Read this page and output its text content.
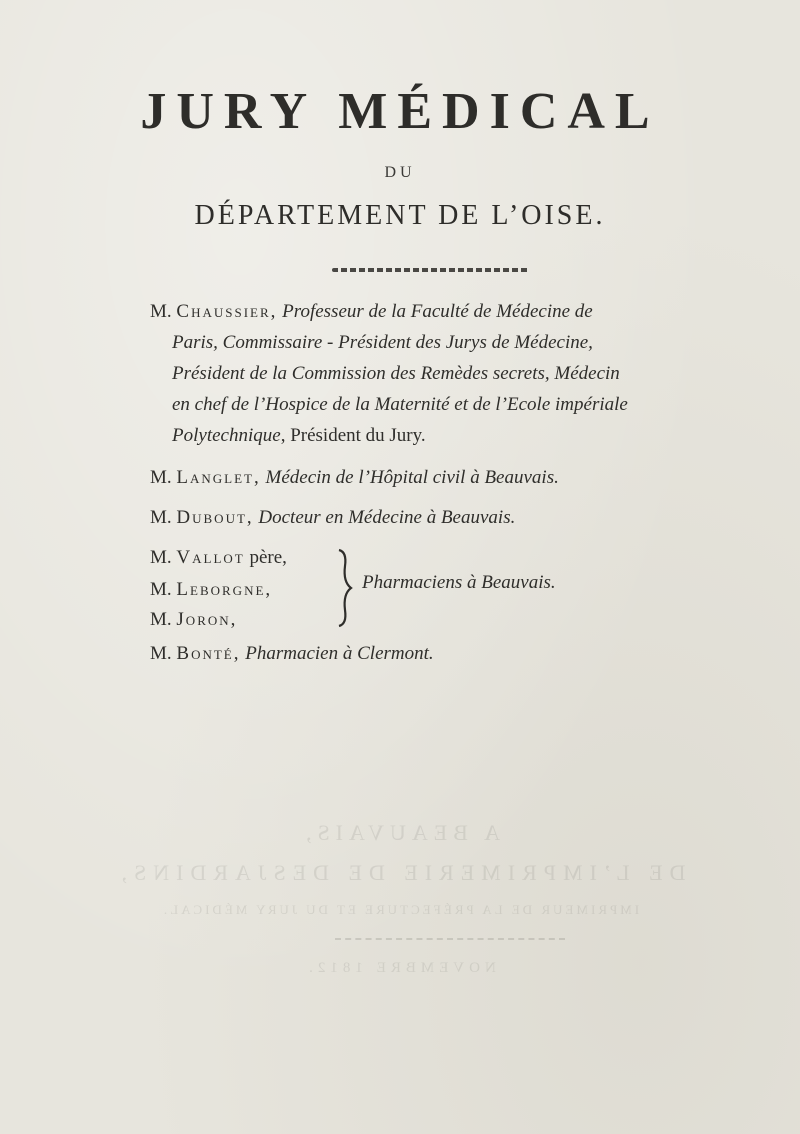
A BEAUVAIS,
DE L’IMPRIMERIE DE DESJARDINS,
IMPRIMEUR DE LA PRÉFECTURE ET DU JURY MÉDICAL.
NOVEMBRE 1812.
JURY MÉDICAL
DU
DÉPARTEMENT DE L’OISE.
M. Chaussier, Professeur de la Faculté de Médecine de
Paris, Commissaire - Président des Jurys de Médecine,
Président de la Commission des Remèdes secrets, Médecin
en chef de l’Hospice de la Maternité et de l’Ecole impériale
Polytechnique, Président du Jury.
M. Langlet, Médecin de l’Hôpital civil à Beauvais.
M. Dubout, Docteur en Médecine à Beauvais.
M. Vallot père,
M. Leborgne,
M. Joron,
Pharmaciens à Beauvais.
M. Bonté, Pharmacien à Clermont.
